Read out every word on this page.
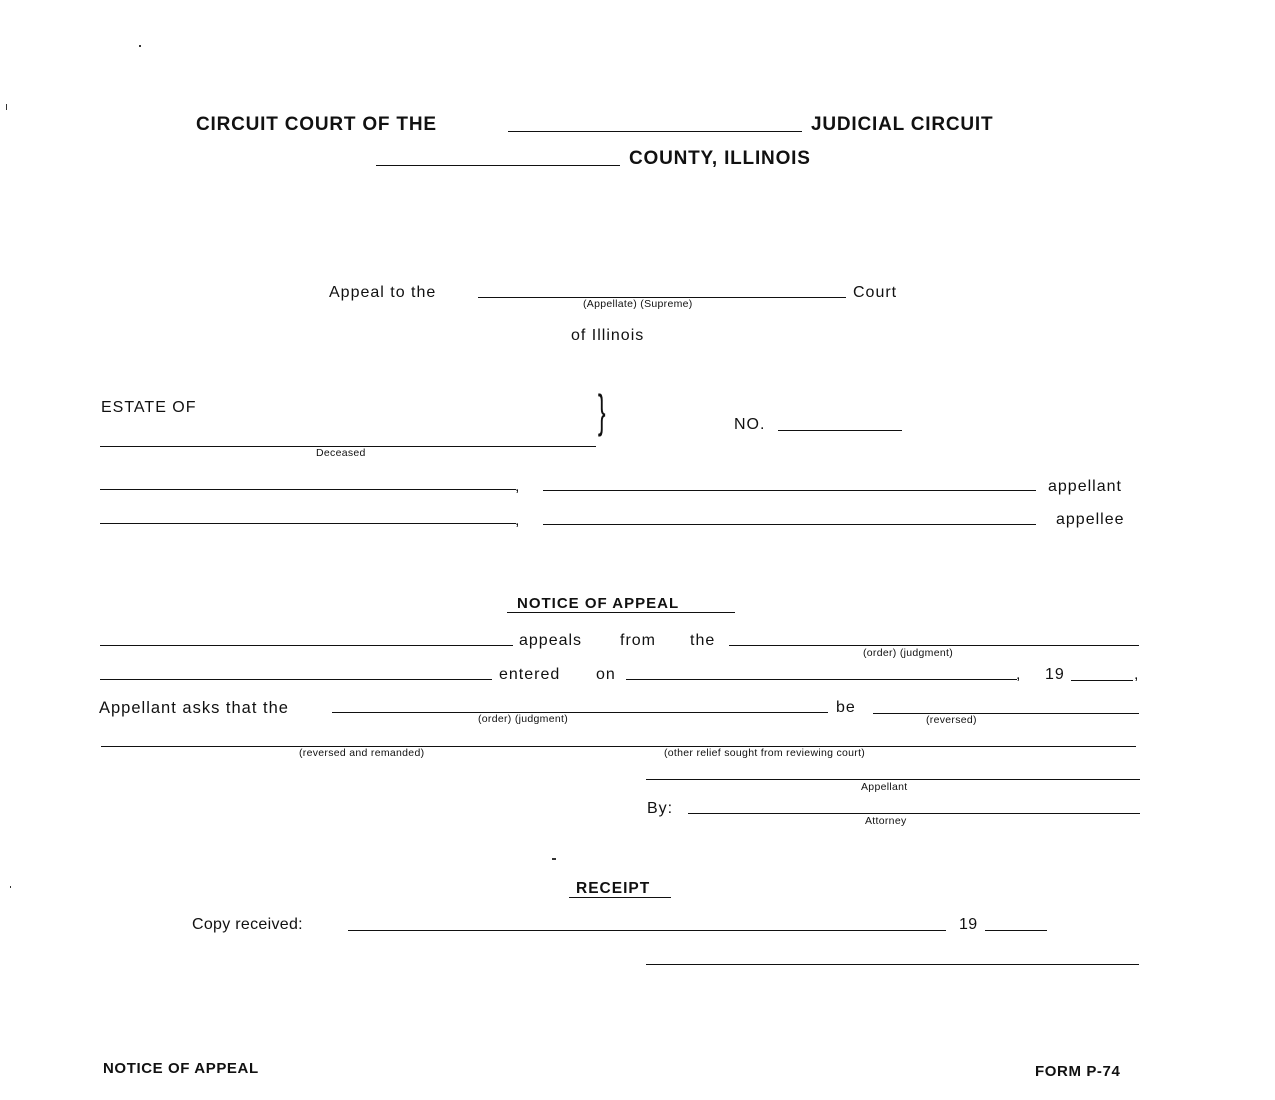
CIRCUIT COURT OF THE	JUDICIAL CIRCUIT
COUNTY, ILLINOIS
Appeal to the
(Appellate) (Supreme)
Court
of Illinois
ESTATE OF
Deceased
}	NO.
,	appellant
,	appellee
NOTICE OF APPEAL
appeals from the
(order) (judgment)
entered on	, 19	,
Appellant asks that the
(order) (judgment)
be
(reversed)
(reversed and remanded)	(other relief sought from reviewing court)
Appellant
By:
Attorney
RECEIPT
Copy received:	19
NOTICE OF APPEAL	FORM P-74
